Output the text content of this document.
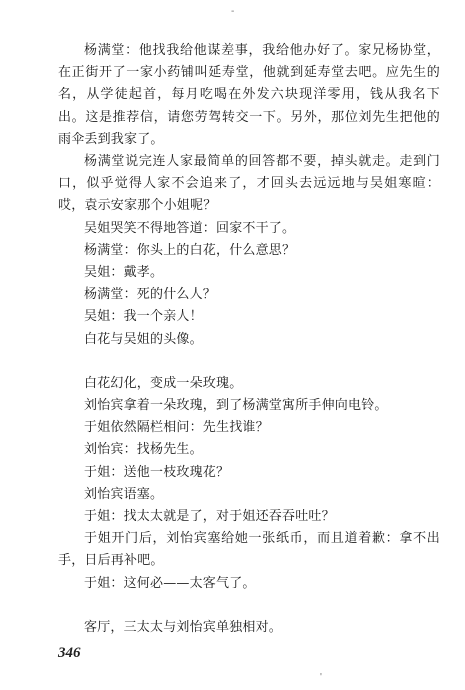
杨满堂：他找我给他谋差事，我给他办好了。家兄杨协堂，在正街开了一家小药铺叫延寿堂，他就到延寿堂去吧。应先生的名，从学徒起首，每月吃喝在外发六块现洋零用，钱从我名下出。这是推荐信，请您劳驾转交一下。另外，那位刘先生把他的雨伞丢到我家了。

杨满堂说完连人家最简单的回答都不要，掉头就走。走到门口，似乎觉得人家不会追来了，才回头去远远地与吴姐寒暄：哎，袁示安家那个小姐呢？

吴姐哭笑不得地答道：回家不干了。

杨满堂：你头上的白花，什么意思？

吴姐：戴孝。

杨满堂：死的什么人？

吴姐：我一个亲人！

白花与吴姐的头像。

白花幻化，变成一朵玫瑰。

刘怡宾拿着一朵玫瑰，到了杨满堂寓所手伸向电铃。

于姐依然隔栏相问：先生找谁？

刘怡宾：找杨先生。

于姐：送他一枝玫瑰花？

刘怡宾语塞。

于姐：找太太就是了，对于姐还吞吞吐吐？

于姐开门后，刘怡宾塞给她一张纸币，而且道着歉：拿不出手，日后再补吧。

于姐：这何必——太客气了。

客厅，三太太与刘怡宾单独相对。

346
-
'
